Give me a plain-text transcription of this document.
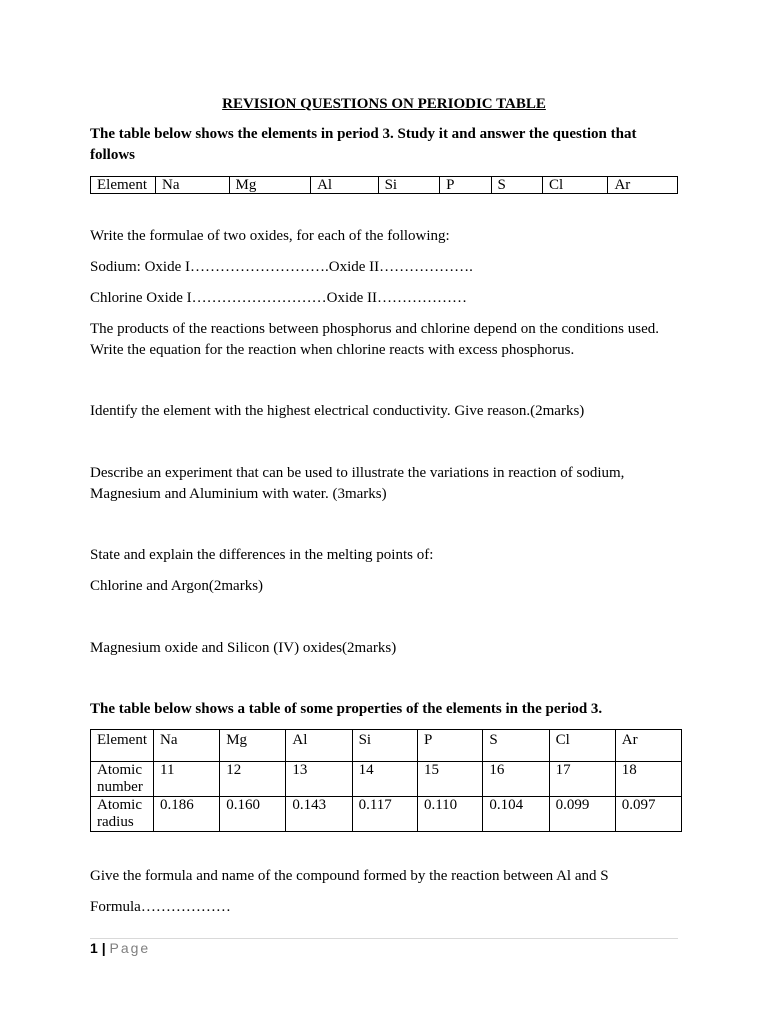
REVISION QUESTIONS ON PERIODIC TABLE
The table below shows the elements in period 3. Study it and answer the question that
follows
Element	Na	Mg	Al	Si	P	S	Cl	Ar
Write the formulae of two oxides, for each of the following:
Sodium: Oxide I……………………….Oxide II……………….
Chlorine Oxide I………………………Oxide II………………
The products of the reactions between phosphorus and chlorine depend on the conditions used.
Write the equation for the reaction when chlorine reacts with excess phosphorus.
Identify the element with the highest electrical conductivity. Give reason.(2marks)
Describe an experiment that can be used to illustrate the variations in reaction of sodium,
Magnesium and Aluminium with water. (3marks)
State and explain the differences in the melting points of:
Chlorine and Argon(2marks)
Magnesium oxide and Silicon (IV) oxides(2marks)
The table below shows a table of some properties of the elements in the period 3.
Element	Na	Mg	Al	Si	P	S	Cl	Ar
Atomic
number	11	12	13	14	15	16	17	18
Atomic
radius	0.186	0.160	0.143	0.117	0.110	0.104	0.099	0.097
Give the formula and name of the compound formed by the reaction between Al and S
Formula………………
1 | Page
